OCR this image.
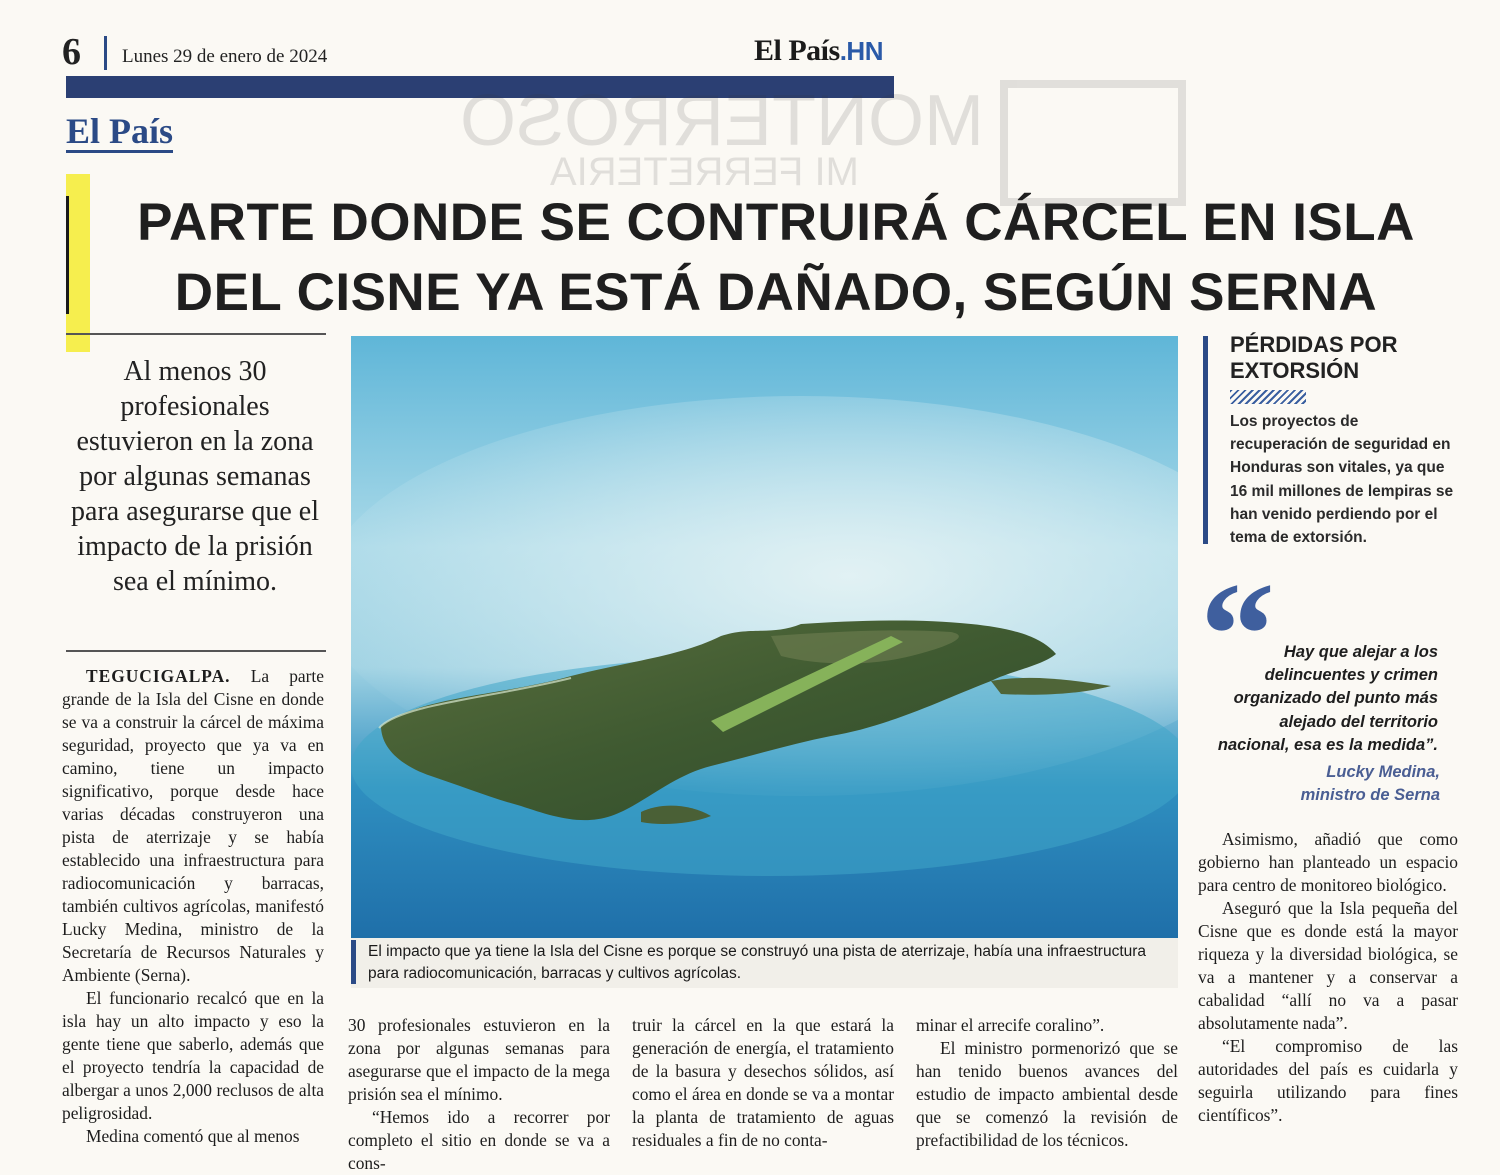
6 Lunes 29 de enero de 2024	El País.HN
El País	MONTERROSO
MI FERRETERIA
PARTE DONDE SE CONTRUIRÁ CÁRCEL EN ISLA
DEL CISNE YA ESTÁ DAÑADO, SEGÚN SERNA
Al menos 30 profesionales estuvieron en la zona por algunas semanas para asegurarse que el impacto de la prisión sea el mínimo.
El impacto que ya tiene la Isla del Cisne es porque se construyó una pista de aterrizaje, había una infraestructura para radiocomunicación, barracas y cultivos agrícolas.

TEGUCIGALPA. La parte grande de la Isla del Cisne en donde se va a construir la cárcel de máxima seguridad, proyecto que ya va en camino, tiene un impacto significativo, porque desde hace varias décadas construyeron una pista de aterrizaje y se había establecido una infraestructura para radiocomunicación y barracas, también cultivos agrícolas, manifestó Lucky Medina, ministro de la Secretaría de Recursos Naturales y Ambiente (Serna).

El funcionario recalcó que en la isla hay un alto impacto y eso la gente tiene que saberlo, además que el proyecto tendría la capacidad de albergar a unos 2,000 reclusos de alta peligrosidad.

Medina comentó que al menos

30 profesionales estuvieron en la zona por algunas semanas para asegurarse que el impacto de la mega prisión sea el mínimo.

“Hemos ido a recorrer por completo el sitio en donde se va a cons-

truir la cárcel en la que estará la generación de energía, el tratamiento de la basura y desechos sólidos, así como el área en donde se va a montar la planta de tratamiento de aguas residuales a fin de no conta-

minar el arrecife coralino”.

El ministro pormenorizó que se han tenido buenos avances del estudio de impacto ambiental desde que se comenzó la revisión de prefactibilidad de los técnicos.

PÉRDIDAS POR EXTORSIÓN
Los proyectos de recuperación de seguridad en Honduras son vitales, ya que 16 mil millones de lempiras se han venido perdiendo por el tema de extorsión.
“ Hay que alejar a los delincuentes y crimen organizado del punto más alejado del territorio nacional, esa es la medida”.
Lucky Medina,
ministro de Serna

Asimismo, añadió que como gobierno han planteado un espacio para centro de monitoreo biológico.

Aseguró que la Isla pequeña del Cisne que es donde está la mayor riqueza y la diversidad biológica, se va a mantener y a conservar a cabalidad “allí no va a pasar absolutamente nada”.

“El compromiso de las autoridades del país es cuidarla y seguirla utilizando para fines científicos”.
